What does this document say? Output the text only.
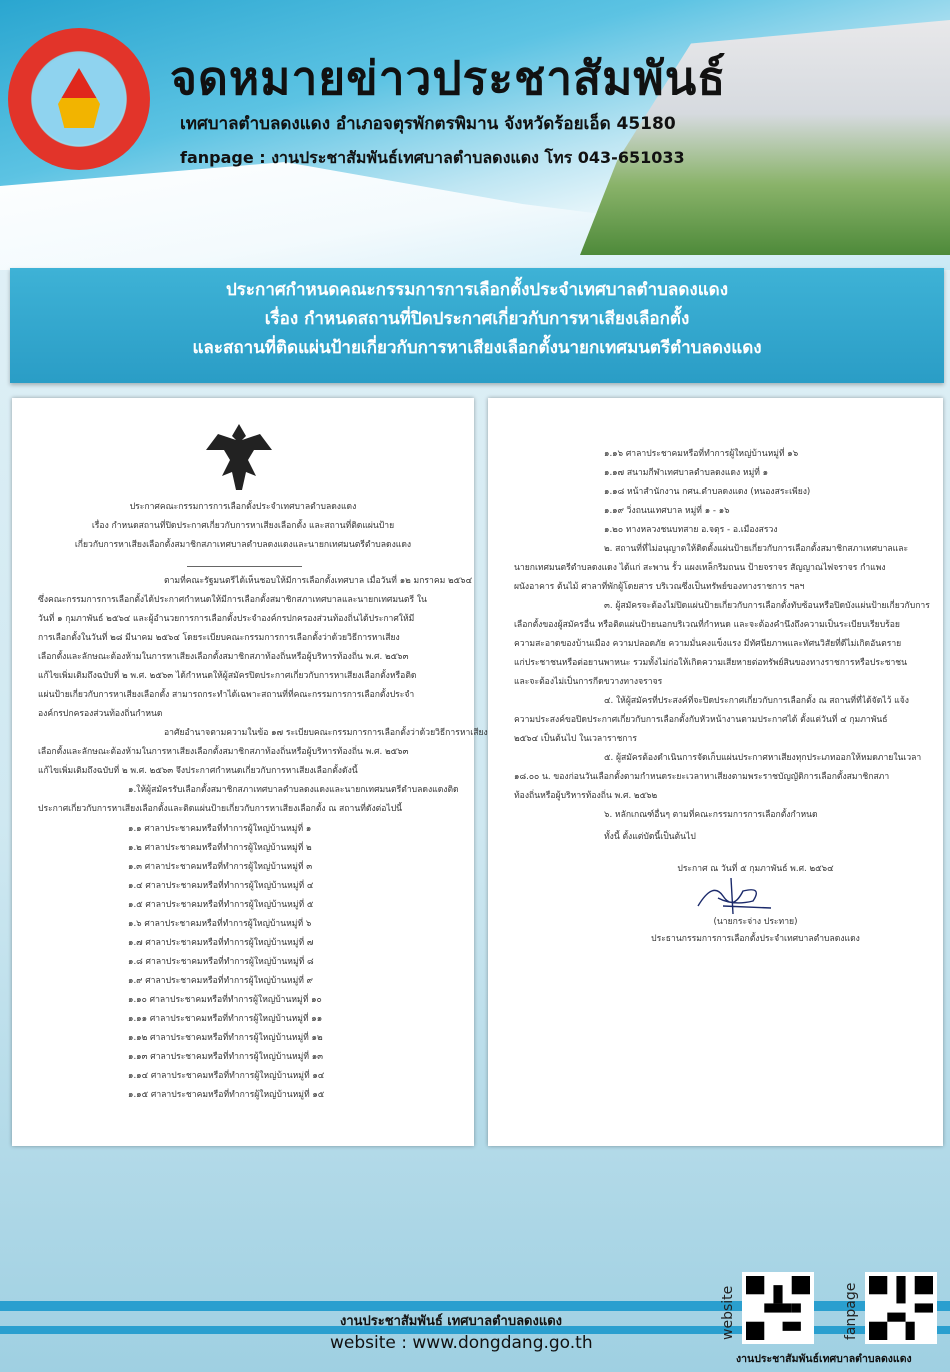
จดหมายข่าวประชาสัมพันธ์
เทศบาลตำบลดงแดง อำเภอจตุรพักตรพิมาน จังหวัดร้อยเอ็ด 45180
fanpage : งานประชาสัมพันธ์เทศบาลตำบลดงแดง โทร 043-651033
ประกาศกำหนดคณะกรรมการการเลือกตั้งประจำเทศบาลตำบลดงแดง
เรื่อง กำหนดสถานที่ปิดประกาศเกี่ยวกับการหาเสียงเลือกตั้ง
และสถานที่ติดแผ่นป้ายเกี่ยวกับการหาเสียงเลือกตั้งนายกเทศมนตรีตำบลดงแดง
ประกาศคณะกรรมการการเลือกตั้งประจำเทศบาลตำบลดงแดง
เรื่อง กำหนดสถานที่ปิดประกาศเกี่ยวกับการหาเสียงเลือกตั้ง และสถานที่ติดแผ่นป้าย
เกี่ยวกับการหาเสียงเลือกตั้งสมาชิกสภาเทศบาลตำบลดงแดงและนายกเทศมนตรีตำบลดงแดง
ตามที่คณะรัฐมนตรีได้เห็นชอบให้มีการเลือกตั้งเทศบาล เมื่อวันที่ ๑๒ มกราคม ๒๕๖๔
ซึ่งคณะกรรมการการเลือกตั้งได้ประกาศกำหนดให้มีการเลือกตั้งสมาชิกสภาเทศบาลและนายกเทศมนตรี ใน
วันที่ ๑ กุมภาพันธ์ ๒๕๖๔ และผู้อำนวยการการเลือกตั้งประจำองค์กรปกครองส่วนท้องถิ่นได้ประกาศให้มี
การเลือกตั้งในวันที่ ๒๘ มีนาคม ๒๕๖๔ โดยระเบียบคณะกรรมการการเลือกตั้งว่าด้วยวิธีการหาเสียง
เลือกตั้งและลักษณะต้องห้ามในการหาเสียงเลือกตั้งสมาชิกสภาท้องถิ่นหรือผู้บริหารท้องถิ่น พ.ศ. ๒๕๖๓
แก้ไขเพิ่มเติมถึงฉบับที่ ๒ พ.ศ. ๒๕๖๓ ได้กำหนดให้ผู้สมัครปิดประกาศเกี่ยวกับการหาเสียงเลือกตั้งหรือติด
แผ่นป้ายเกี่ยวกับการหาเสียงเลือกตั้ง สามารถกระทำได้เฉพาะสถานที่ที่คณะกรรมการการเลือกตั้งประจำ
องค์กรปกครองส่วนท้องถิ่นกำหนด
อาศัยอำนาจตามความในข้อ ๑๗ ระเบียบคณะกรรมการการเลือกตั้งว่าด้วยวิธีการหาเสียง
เลือกตั้งและลักษณะต้องห้ามในการหาเสียงเลือกตั้งสมาชิกสภาท้องถิ่นหรือผู้บริหารท้องถิ่น พ.ศ. ๒๕๖๓
แก้ไขเพิ่มเติมถึงฉบับที่ ๒ พ.ศ. ๒๕๖๓ จึงประกาศกำหนดเกี่ยวกับการหาเสียงเลือกตั้งดังนี้
๑.ให้ผู้สมัครรับเลือกตั้งสมาชิกสภาเทศบาลตำบลดงแดงและนายกเทศมนตรีตำบลดงแดงติด
ประกาศเกี่ยวกับการหาเสียงเลือกตั้งและติดแผ่นป้ายเกี่ยวกับการหาเสียงเลือกตั้ง ณ สถานที่ดังต่อไปนี้
๑.๑ ศาลาประชาคมหรือที่ทำการผู้ใหญ่บ้านหมู่ที่ ๑
๑.๒ ศาลาประชาคมหรือที่ทำการผู้ใหญ่บ้านหมู่ที่ ๒
๑.๓ ศาลาประชาคมหรือที่ทำการผู้ใหญ่บ้านหมู่ที่ ๓
๑.๔ ศาลาประชาคมหรือที่ทำการผู้ใหญ่บ้านหมู่ที่ ๔
๑.๕ ศาลาประชาคมหรือที่ทำการผู้ใหญ่บ้านหมู่ที่ ๕
๑.๖ ศาลาประชาคมหรือที่ทำการผู้ใหญ่บ้านหมู่ที่ ๖
๑.๗ ศาลาประชาคมหรือที่ทำการผู้ใหญ่บ้านหมู่ที่ ๗
๑.๘ ศาลาประชาคมหรือที่ทำการผู้ใหญ่บ้านหมู่ที่ ๘
๑.๙ ศาลาประชาคมหรือที่ทำการผู้ใหญ่บ้านหมู่ที่ ๙
๑.๑๐ ศาลาประชาคมหรือที่ทำการผู้ใหญ่บ้านหมู่ที่ ๑๐
๑.๑๑ ศาลาประชาคมหรือที่ทำการผู้ใหญ่บ้านหมู่ที่ ๑๑
๑.๑๒ ศาลาประชาคมหรือที่ทำการผู้ใหญ่บ้านหมู่ที่ ๑๒
๑.๑๓ ศาลาประชาคมหรือที่ทำการผู้ใหญ่บ้านหมู่ที่ ๑๓
๑.๑๔ ศาลาประชาคมหรือที่ทำการผู้ใหญ่บ้านหมู่ที่ ๑๔
๑.๑๕ ศาลาประชาคมหรือที่ทำการผู้ใหญ่บ้านหมู่ที่ ๑๕
๑.๑๖ ศาลาประชาคมหรือที่ทำการผู้ใหญ่บ้านหมู่ที่ ๑๖
๑.๑๗ สนามกีฬาเทศบาลตำบลดงแดง หมู่ที่ ๑
๑.๑๘ หน้าสำนักงาน กศน.ตำบลดงแดง (หนองสระเพียง)
๑.๑๙ วิ่งถนนเทศบาล หมู่ที่ ๑ - ๑๖
๑.๒๐ ทางหลวงชนบทสาย อ.จตุร - อ.เมืองสรวง
๒. สถานที่ที่ไม่อนุญาตให้ติดตั้งแผ่นป้ายเกี่ยวกับการเลือกตั้งสมาชิกสภาเทศบาลและ
นายกเทศมนตรีตำบลดงแดง ได้แก่ สะพาน รั้ว แผงเหล็กริมถนน ป้ายจราจร สัญญาณไฟจราจร กำแพง
ผนังอาคาร ต้นไม้ ศาลาที่พักผู้โดยสาร บริเวณซึ่งเป็นทรัพย์ของทางราชการ ฯลฯ
๓. ผู้สมัครจะต้องไม่ปิดแผ่นป้ายเกี่ยวกับการเลือกตั้งทับซ้อนหรือปิดบังแผ่นป้ายเกี่ยวกับการ
เลือกตั้งของผู้สมัครอื่น หรือติดแผ่นป้ายนอกบริเวณที่กำหนด และจะต้องคำนึงถึงความเป็นระเบียบเรียบร้อย
ความสะอาดของบ้านเมือง ความปลอดภัย ความมั่นคงแข็งแรง มีทัศนียภาพและทัศนวิสัยที่ดีไม่เกิดอันตราย
แก่ประชาชนหรือต่อยานพาหนะ รวมทั้งไม่ก่อให้เกิดความเสียหายต่อทรัพย์สินของทางราชการหรือประชาชน
และจะต้องไม่เป็นการกีดขวางทางจราจร
๔. ให้ผู้สมัครที่ประสงค์ที่จะปิดประกาศเกี่ยวกับการเลือกตั้ง ณ สถานที่ที่ได้จัดไว้ แจ้ง
ความประสงค์ขอปิดประกาศเกี่ยวกับการเลือกตั้งกับหัวหน้างานตามประกาศได้ ตั้งแต่วันที่ ๔ กุมภาพันธ์
๒๕๖๔ เป็นต้นไป ในเวลาราชการ
๕. ผู้สมัครต้องดำเนินการจัดเก็บแผ่นประกาศหาเสียงทุกประเภทออกให้หมดภายในเวลา
๑๘.๐๐ น. ของก่อนวันเลือกตั้งตามกำหนดระยะเวลาหาเสียงตามพระราชบัญญัติการเลือกตั้งสมาชิกสภา
ท้องถิ่นหรือผู้บริหารท้องถิ่น พ.ศ. ๒๕๖๒
๖. หลักเกณฑ์อื่นๆ ตามที่คณะกรรมการการเลือกตั้งกำหนด
ทั้งนี้ ตั้งแต่บัดนี้เป็นต้นไป
ประกาศ ณ วันที่ ๕ กุมภาพันธ์ พ.ศ. ๒๕๖๔
(นายกระจ่าง ประทาย)
ประธานกรรมการการเลือกตั้งประจำเทศบาลตำบลดงแดง
งานประชาสัมพันธ์ เทศบาลตำบลดงแดง
website : www.dongdang.go.th
website	fanpage
งานประชาสัมพันธ์เทศบาลตำบลดงแดง
